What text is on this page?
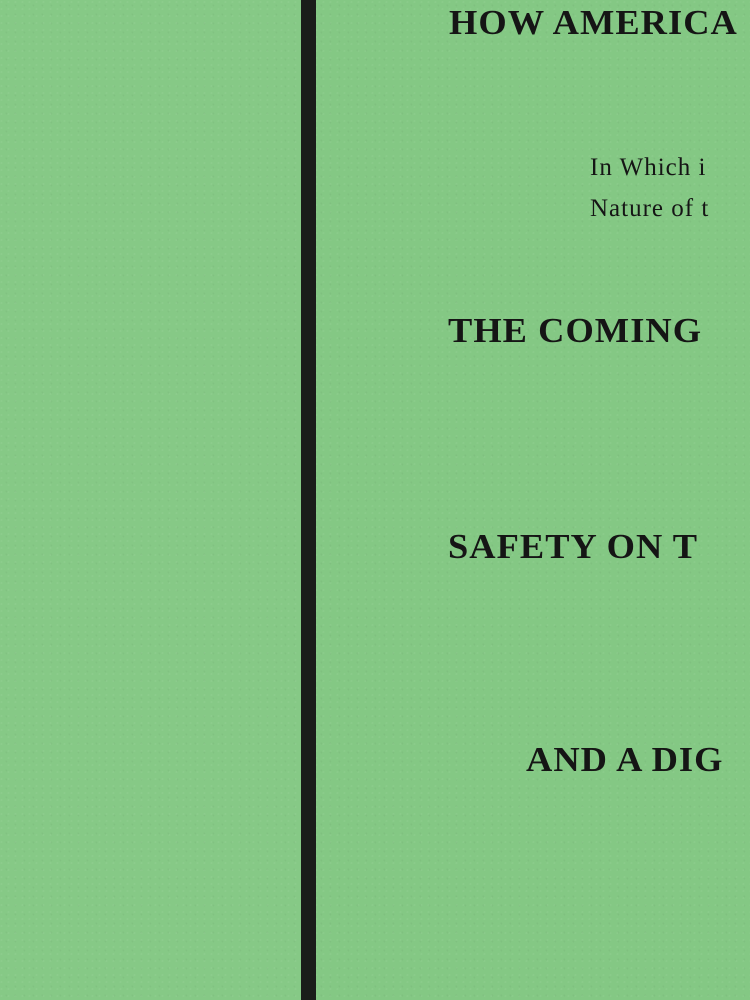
HOW AMERICA
In Which i
Nature of t
THE COMING
SAFETY ON T
AND A DIG
